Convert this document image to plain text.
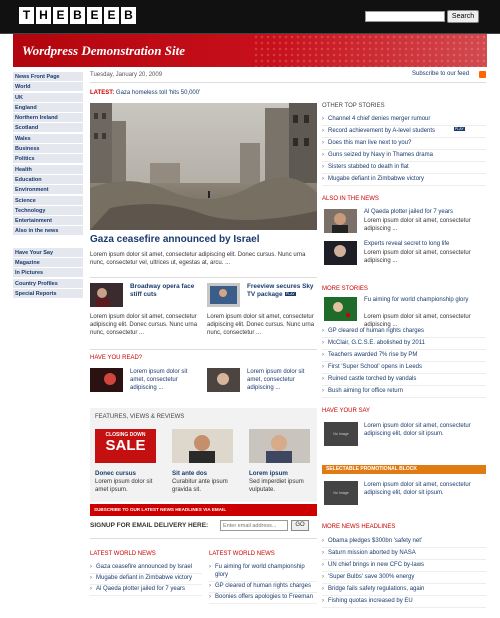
T H E B E E B	Search
Wordpress Demonstration Site
News Front Page
World
UK
England
Northern Ireland
Scotland
Wales
Business
Politics
Health
Education
Environment
Science
Technology
Entertainment
Also in the news
Have Your Say
Magazine
In Pictures
Country Profiles
Special Reports
Tuesday, January 20, 2009	Subscribe to our feed
LATEST: Gaza homeless toll 'hits 50,000'
Gaza ceasefire announced by Israel
Lorem ipsum dolor sit amet, consectetur adipiscing elit. Donec cursus. Nunc urna nunc, consectetur vel, ultrices ut, egestas at, arcu. ...
Broadway opera face stiff cuts
Lorem ipsum dolor sit amet, consectetur adipiscing elit. Donec cursus. Nunc urna nunc, consectetur ...
Freeview secures Sky TV package PLAY
Lorem ipsum dolor sit amet, consectetur adipiscing elit. Donec cursus. Nunc urna nunc, consectetur ...
HAVE YOU READ?
Lorem ipsum dolor sit amet, consectetur adipiscing ...
Lorem ipsum dolor sit amet, consectetur adipiscing ...
FEATURES, VIEWS & REVIEWS
CLOSING DOWN
SALE
Donec cursus
Lorem ipsum dolor sit amet ipsum.
Sit ante dos
Curabitur ante ipsum gravida sit.
Lorem ipsum
Sed imperdiet ipsum vulputate.
SUBSCRIBE TO OUR LATEST NEWS HEADLINES VIA EMAIL
SIGNUP FOR EMAIL DELIVERY HERE:
Enter email address...	GO
LATEST WORLD NEWS
› Gaza ceasefire announced by Israel
› Mugabe defiant in Zimbabwe victory
› Al Qaeda plotter jailed for 7 years
LATEST WORLD NEWS
› Fu aiming for world championship glory
› GP cleared of human rights charges
› Boonies offers apologies to Freeman
OTHER TOP STORIES
› Channel 4 chief denies merger rumour
› Record achievement by A-level students
› Does this man live next to you?
› Guns seized by Navy in Thames drama
› Sisters stabbed to death in flat
› Mugabe defiant in Zimbabwe victory
PLAY
ALSO IN THE NEWS
Al Qaeda plotter jailed for 7 years
Lorem ipsum dolor sit amet, consectetur adipiscing ...
Experts reveal secret to long life
Lorem ipsum dolor sit amet, consectetur adipiscing ...
MORE STORIES
Fu aiming for world championship glory
Lorem ipsum dolor sit amet, consectetur adipiscing ...
› GP cleared of human rights charges
› McClair, G.C.S.E. abolished by 2011
› Teachers awarded 7% rise by PM
› First 'Super School' opens in Leeds
› Ruined castle torched by vandals
› Bush aiming for office return
HAVE YOUR SAY
No Image
Lorem ipsum dolor sit amet, consectetur adipiscing elit, dolor sit ipsum.
SELECTABLE PROMOTIONAL BLOCK
No Image
Lorem ipsum dolor sit amet, consectetur adipiscing elit, dolor sit ipsum.
MORE NEWS HEADLINES
› Obama pledges $300bn 'safety net'
› Saturn mission aborted by NASA
› UN chief brings in new CFC by-laws
› 'Super Bulbs' save 300% energy
› Bridge fails safety regulations, again
› Fishing quotas increased by EU
